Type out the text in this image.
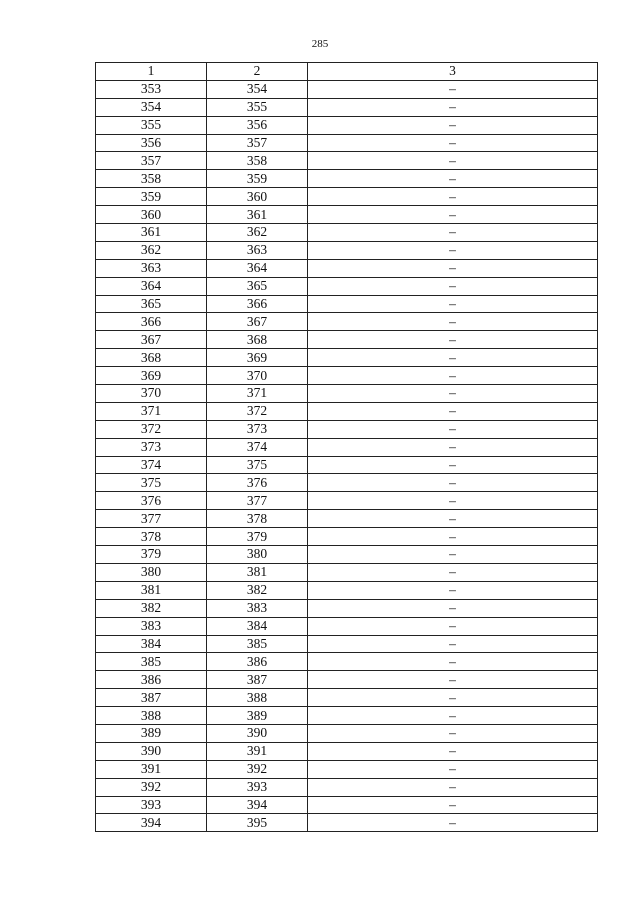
285
1	2	3
353	354	–
354	355	–
355	356	–
356	357	–
357	358	–
358	359	–
359	360	–
360	361	–
361	362	–
362	363	–
363	364	–
364	365	–
365	366	–
366	367	–
367	368	–
368	369	–
369	370	–
370	371	–
371	372	–
372	373	–
373	374	–
374	375	–
375	376	–
376	377	–
377	378	–
378	379	–
379	380	–
380	381	–
381	382	–
382	383	–
383	384	–
384	385	–
385	386	–
386	387	–
387	388	–
388	389	–
389	390	–
390	391	–
391	392	–
392	393	–
393	394	–
394	395	–
